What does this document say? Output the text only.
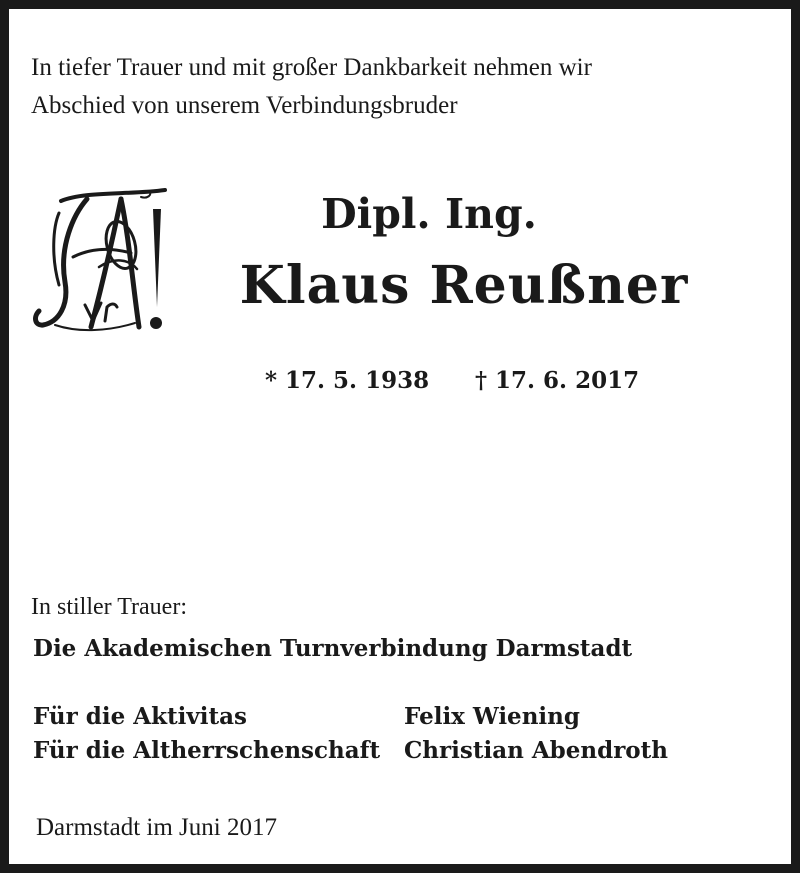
In tiefer Trauer und mit großer Dankbarkeit nehmen wir
Abschied von unserem Verbindungsbruder

Dipl. Ing.
Klaus Reußner
* 17. 5. 1938 † 17. 6. 2017
In stiller Trauer:
Die Akademischen Turnverbindung Darmstadt
Für die Aktivitas	Felix Wiening
Für die Altherrschenschaft Christian Abendroth
Darmstadt im Juni 2017
